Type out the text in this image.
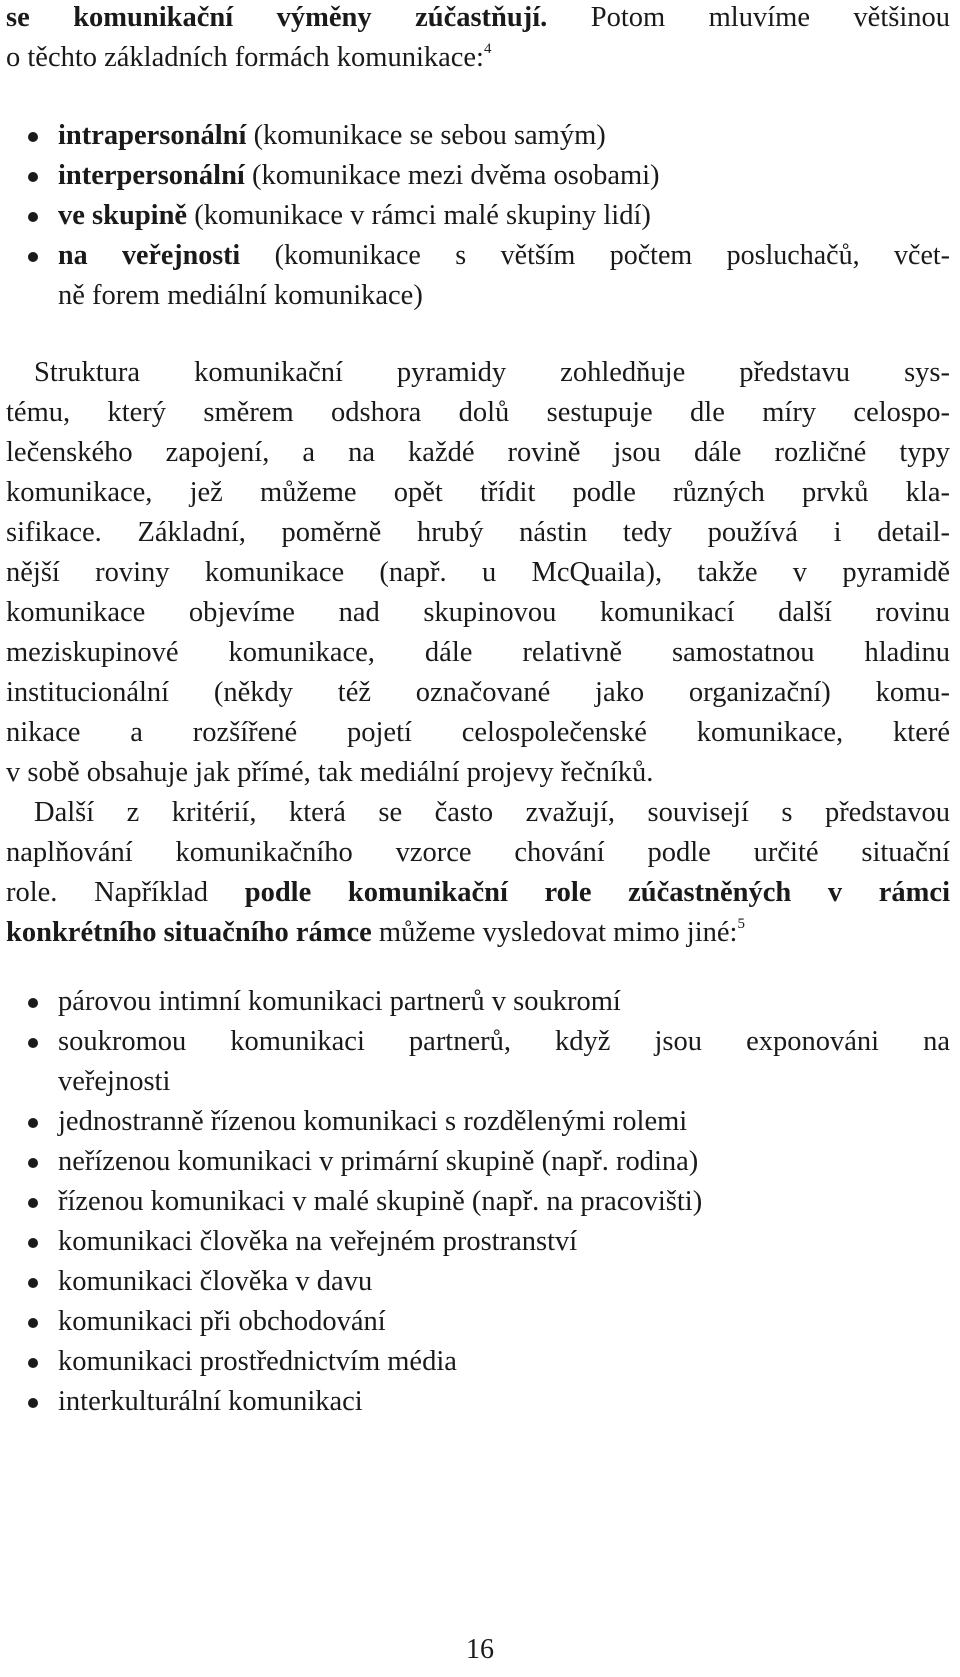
se komunikační výměny zúčastňují. Potom mluvíme většinou
o těchto základních formách komunikace:$^4$
intrapersonální (komunikace se sebou samým)
interpersonální (komunikace mezi dvěma osobami)
ve skupině (komunikace v rámci malé skupiny lidí)
na veřejnosti (komunikace s větším počtem posluchačů, včet-
ně forem mediální komunikace)
Struktura komunikační pyramidy zohledňuje představu sys-
tému, který směrem odshora dolů sestupuje dle míry celospo-
lečenského zapojení, a na každé rovině jsou dále rozličné typy
komunikace, jež můžeme opět třídit podle různých prvků kla-
sifikace. Základní, poměrně hrubý nástin tedy používá i detail-
nější roviny komunikace (např. u McQuaila), takže v pyramidě
komunikace objevíme nad skupinovou komunikací další rovinu
meziskupinové komunikace, dále relativně samostatnou hladinu
institucionální (někdy též označované jako organizační) komu-
nikace a rozšířené pojetí celospolečenské komunikace, které
v sobě obsahuje jak přímé, tak mediální projevy řečníků.
Další z kritérií, která se často zvažují, souvisejí s představou
naplňování komunikačního vzorce chování podle určité situační
role. Například podle komunikační role zúčastněných v rámci
konkrétního situačního rámce můžeme vysledovat mimo jiné:$^5$
párovou intimní komunikaci partnerů v soukromí
soukromou komunikaci partnerů, když jsou exponováni na
veřejnosti
jednostranně řízenou komunikaci s rozdělenými rolemi
neřízenou komunikaci v primární skupině (např. rodina)
řízenou komunikaci v malé skupině (např. na pracovišti)
komunikaci člověka na veřejném prostranství
komunikaci člověka v davu
komunikaci při obchodování
komunikaci prostřednictvím média
interkulturální komunikaci
16
